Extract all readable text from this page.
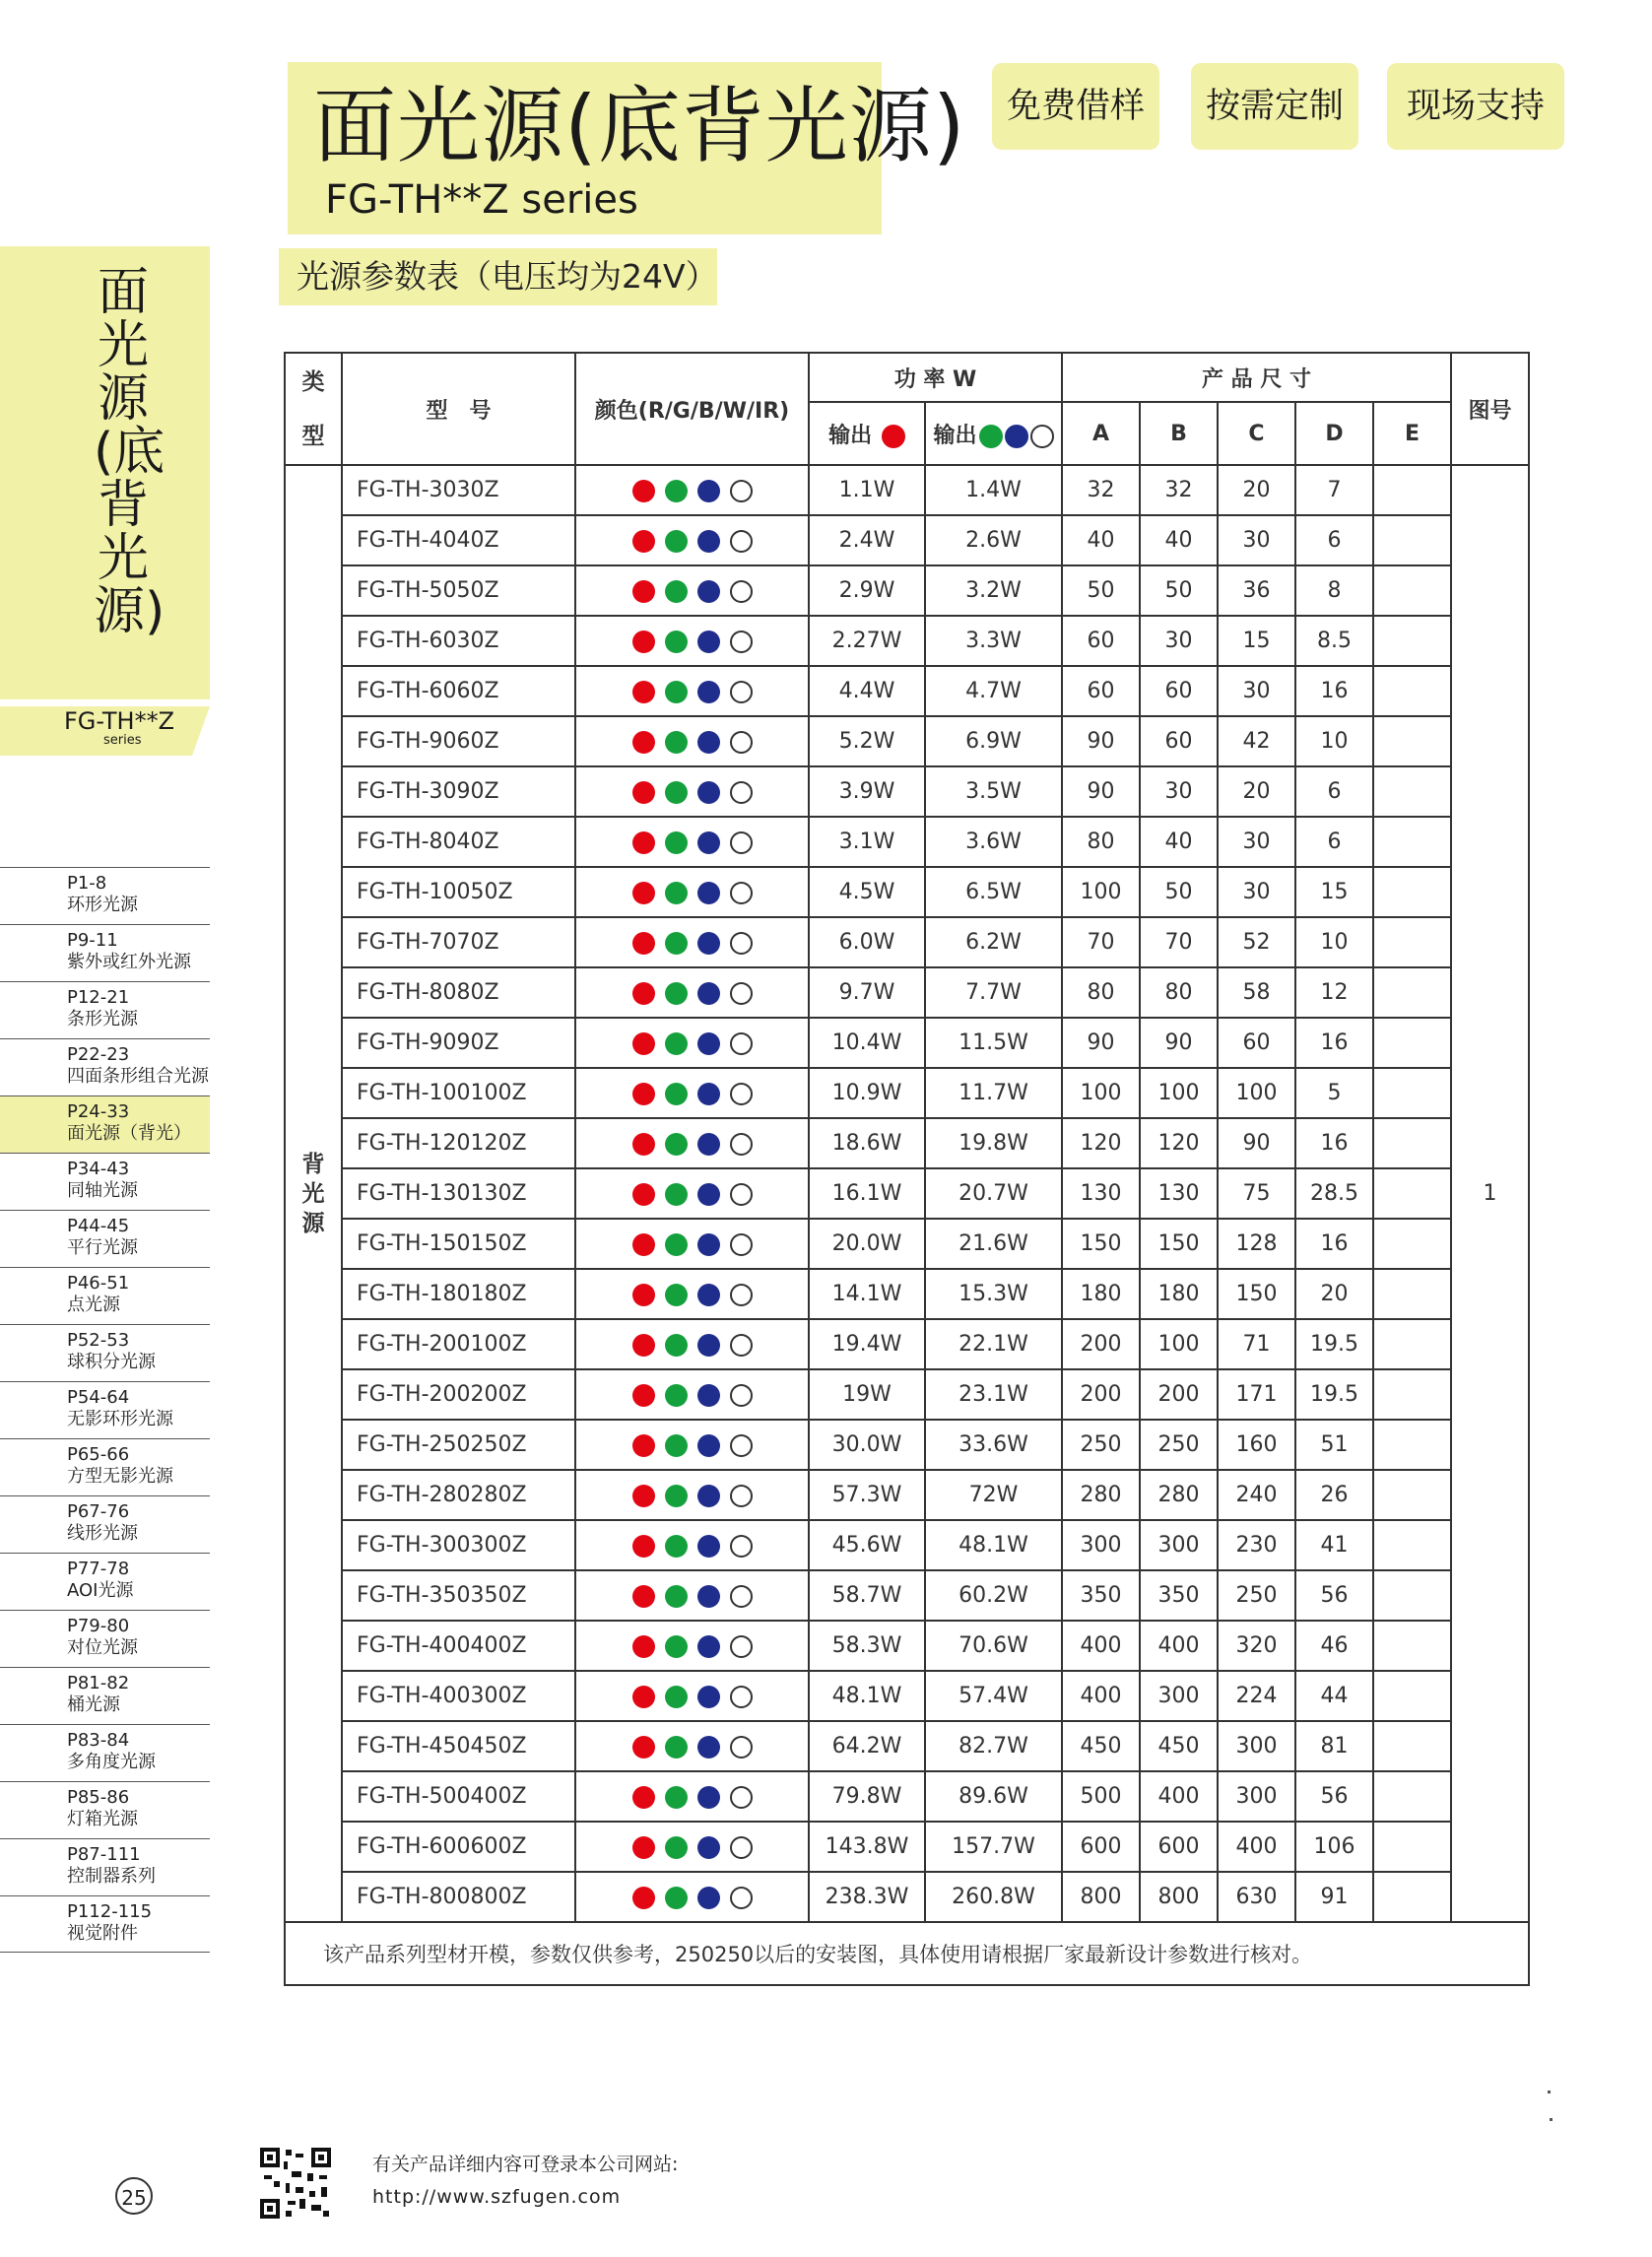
面光源(底背光源)
FG-TH**Z series
免费借样	按需定制	现场支持
光源参数表（电压均为24V）
面光源(底背光源)
FG-TH**Z
series
P1-8
环形光源
P9-11
紫外或红外光源
P12-21
条形光源
P22-23
四面条形组合光源
P24-33
面光源（背光）
P34-43
同轴光源
P44-45
平行光源
P46-51
点光源
P52-53
球积分光源
P54-64
无影环形光源
P65-66
方型无影光源
P67-76
线形光源
P77-78
AOI光源
P79-80
对位光源
P81-82
桶光源
P83-84
多角度光源
P85-86
灯箱光源
P87-111
控制器系列
P112-115
视觉附件
类

型	型　号	颜色(R/G/B/W/IR)	功 率 W		产 品 尺 寸					图号
			输出	输出	A	B	C	D	E	
背光源	FG-TH-3030Z		1.1W	1.4W	32	32	20	7		1
	FG-TH-4040Z		2.4W	2.6W	40	40	30	6		
	FG-TH-5050Z		2.9W	3.2W	50	50	36	8		
	FG-TH-6030Z		2.27W	3.3W	60	30	15	8.5		
	FG-TH-6060Z		4.4W	4.7W	60	60	30	16		
	FG-TH-9060Z		5.2W	6.9W	90	60	42	10		
	FG-TH-3090Z		3.9W	3.5W	90	30	20	6		
	FG-TH-8040Z		3.1W	3.6W	80	40	30	6		
	FG-TH-10050Z		4.5W	6.5W	100	50	30	15		
	FG-TH-7070Z		6.0W	6.2W	70	70	52	10		
	FG-TH-8080Z		9.7W	7.7W	80	80	58	12		
	FG-TH-9090Z		10.4W	11.5W	90	90	60	16		
	FG-TH-100100Z		10.9W	11.7W	100	100	100	5		
	FG-TH-120120Z		18.6W	19.8W	120	120	90	16		
	FG-TH-130130Z		16.1W	20.7W	130	130	75	28.5		
	FG-TH-150150Z		20.0W	21.6W	150	150	128	16		
	FG-TH-180180Z		14.1W	15.3W	180	180	150	20		
	FG-TH-200100Z		19.4W	22.1W	200	100	71	19.5		
	FG-TH-200200Z		19W	23.1W	200	200	171	19.5		
	FG-TH-250250Z		30.0W	33.6W	250	250	160	51		
	FG-TH-280280Z		57.3W	72W	280	280	240	26		
	FG-TH-300300Z		45.6W	48.1W	300	300	230	41		
	FG-TH-350350Z		58.7W	60.2W	350	350	250	56		
	FG-TH-400400Z		58.3W	70.6W	400	400	320	46		
	FG-TH-400300Z		48.1W	57.4W	400	300	224	44		
	FG-TH-450450Z		64.2W	82.7W	450	450	300	81		
	FG-TH-500400Z		79.8W	89.6W	500	400	300	56		
	FG-TH-600600Z		143.8W	157.7W	600	600	400	106		
	FG-TH-800800Z		238.3W	260.8W	800	800	630	91		
该产品系列型材开模，参数仅供参考，250250以后的安装图，具体使用请根据厂家最新设计参数进行核对。										
有关产品详细内容可登录本公司网站:
http://www.szfugen.com
25
